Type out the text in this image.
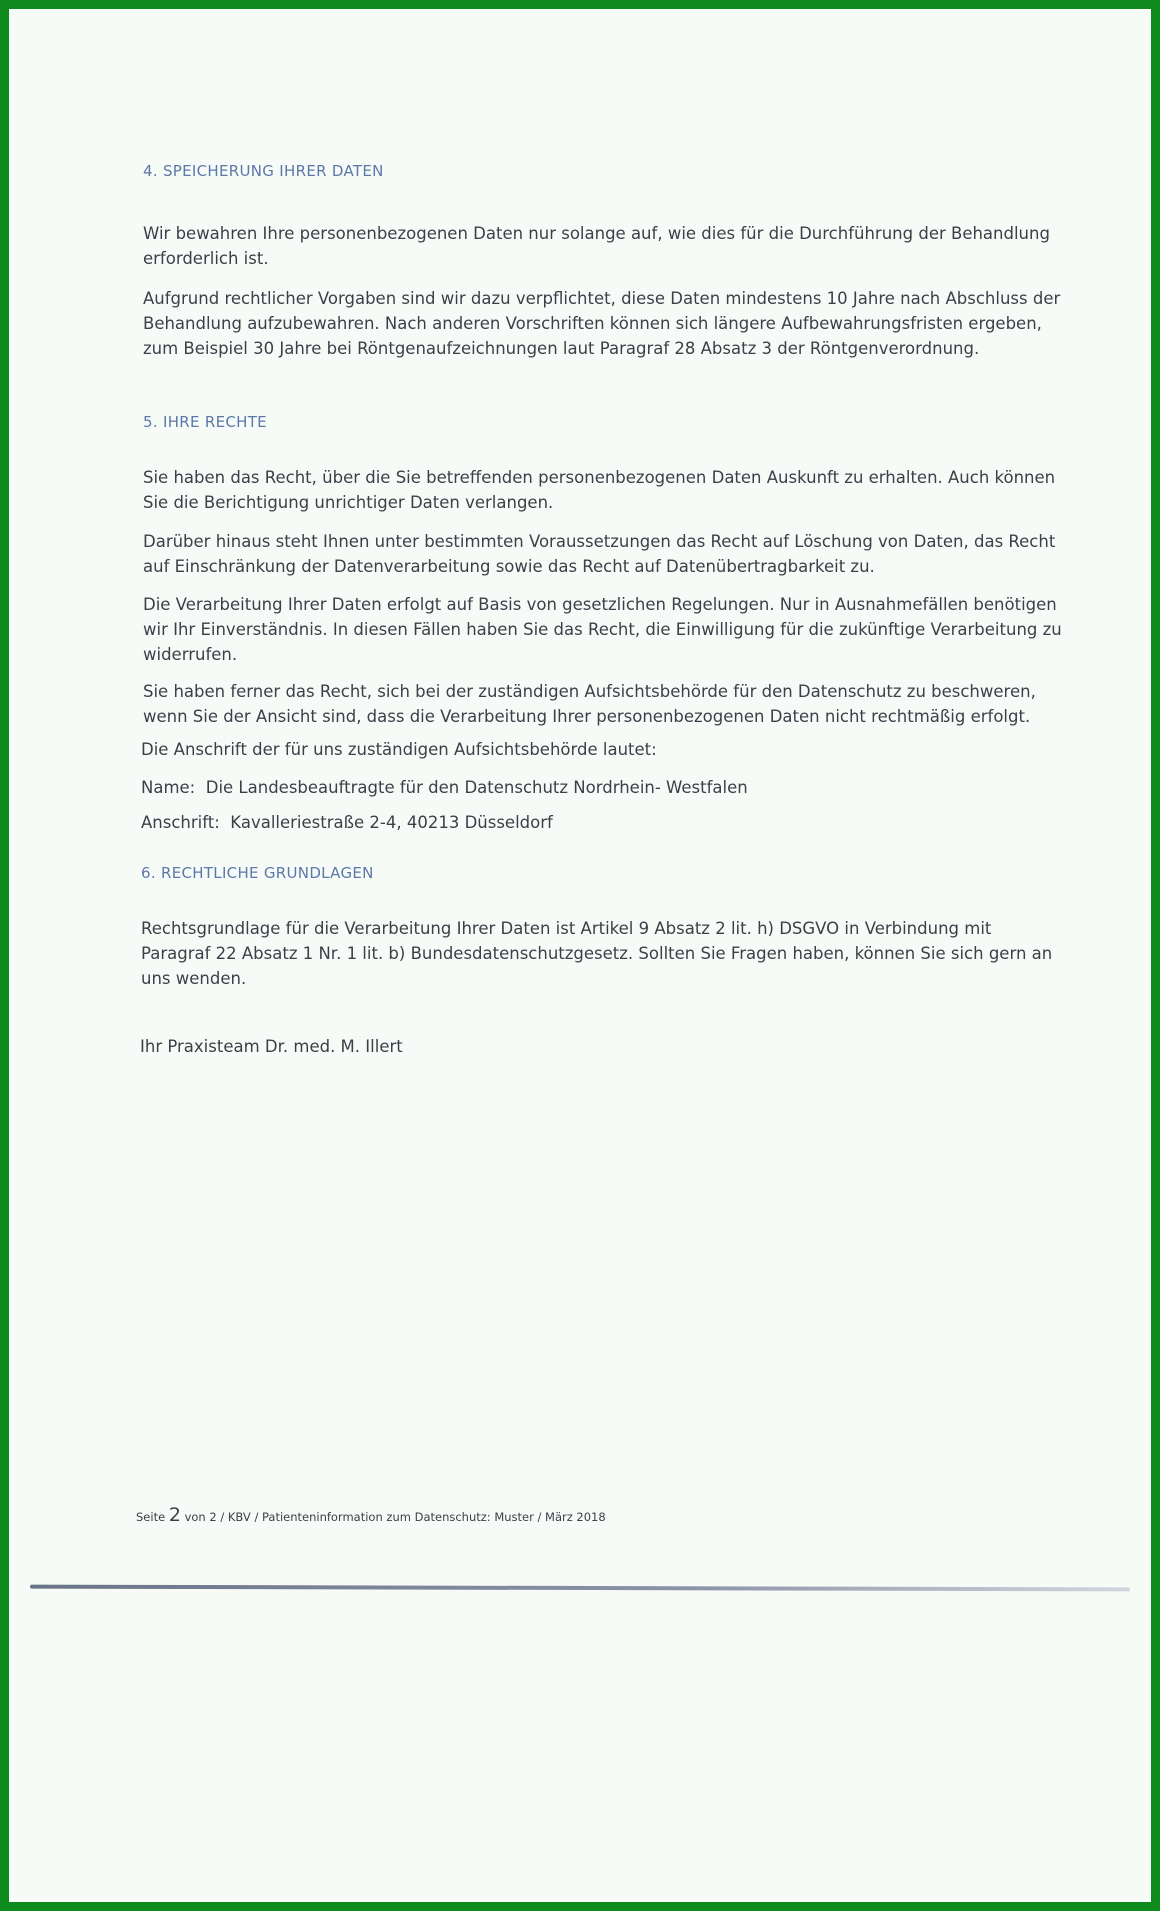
4. SPEICHERUNG IHRER DATEN

Wir bewahren Ihre personenbezogenen Daten nur solange auf, wie dies für die Durchführung der Behandlung erforderlich ist.

Aufgrund rechtlicher Vorgaben sind wir dazu verpflichtet, diese Daten mindestens 10 Jahre nach Abschluss der Behandlung aufzubewahren. Nach anderen Vorschriften können sich längere Aufbewahrungsfristen ergeben, zum Beispiel 30 Jahre bei Röntgenaufzeichnungen laut Paragraf 28 Absatz 3 der Röntgenverordnung.

5. IHRE RECHTE

Sie haben das Recht, über die Sie betreffenden personenbezogenen Daten Auskunft zu erhalten. Auch können Sie die Berichtigung unrichtiger Daten verlangen.

Darüber hinaus steht Ihnen unter bestimmten Voraussetzungen das Recht auf Löschung von Daten, das Recht auf Einschränkung der Datenverarbeitung sowie das Recht auf Datenübertragbarkeit zu.

Die Verarbeitung Ihrer Daten erfolgt auf Basis von gesetzlichen Regelungen. Nur in Ausnahmefällen benötigen wir Ihr Einverständnis. In diesen Fällen haben Sie das Recht, die Einwilligung für die zukünftige Verarbeitung zu widerrufen.

Sie haben ferner das Recht, sich bei der zuständigen Aufsichtsbehörde für den Datenschutz zu beschweren, wenn Sie der Ansicht sind, dass die Verarbeitung Ihrer personenbezogenen Daten nicht rechtmäßig erfolgt.

Die Anschrift der für uns zuständigen Aufsichtsbehörde lautet:

Name: Die Landesbeauftragte für den Datenschutz Nordrhein- Westfalen

Anschrift: Kavalleriestraße 2-4, 40213 Düsseldorf

6. RECHTLICHE GRUNDLAGEN

Rechtsgrundlage für die Verarbeitung Ihrer Daten ist Artikel 9 Absatz 2 lit. h) DSGVO in Verbindung mit Paragraf 22 Absatz 1 Nr. 1 lit. b) Bundesdatenschutzgesetz. Sollten Sie Fragen haben, können Sie sich gern an uns wenden.

Ihr Praxisteam Dr. med. M. Illert

Seite 2 von 2 / KBV / Patienteninformation zum Datenschutz: Muster / März 2018
